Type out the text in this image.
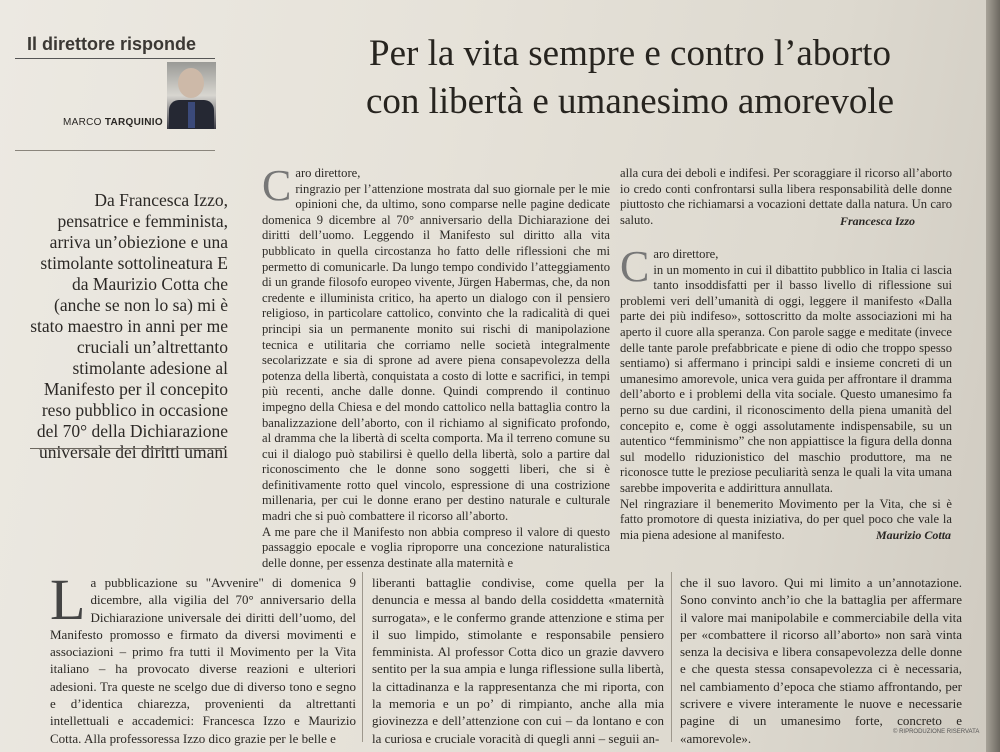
Il direttore risponde
MARCO TARQUINIO
Per la vita sempre e contro l’aborto
con libertà e umanesimo amorevole
Da Francesca Izzo, pensatrice e femminista, arriva un’obiezione e una stimolante sottolineatura E da Maurizio Cotta che (anche se non lo sa) mi è stato maestro in anni per me cruciali un’altrettanto stimolante adesione al Manifesto per il concepito reso pubblico in occasione del 70° della Dichiarazione universale dei diritti umani

Caro direttore,
ringrazio per l’attenzione mostrata dal suo giornale per le mie opinioni che, da ultimo, sono comparse nelle pagine dedicate domenica 9 dicembre al 70° anniversario della Dichiarazione dei diritti dell’uomo. Leggendo il Manifesto sul diritto alla vita pubblicato in quella circostanza ho fatto delle riflessioni che mi permetto di comunicarle. Da lungo tempo condivido l’atteggiamento di un grande filosofo europeo vivente, Jürgen Habermas, che, da non credente e illuminista critico, ha aperto un dialogo con il pensiero religioso, in particolare cattolico, convinto che la radicalità di quei principi sia un permanente monito sui rischi di manipolazione tecnica e utilitaria che corriamo nelle società integralmente secolarizzate e sia di sprone ad avere piena consapevolezza della potenza della libertà, conquistata a costo di lotte e sacrifici, in tempi più recenti, anche dalle donne. Quindi comprendo il continuo impegno della Chiesa e del mondo cattolico nella battaglia contro la banalizzazione dell’aborto, con il richiamo al significato profondo, al dramma che la libertà di scelta comporta. Ma il terreno comune su cui il dialogo può stabilirsi è quello della libertà, solo a partire dal riconoscimento che le donne sono soggetti liberi, che si è definitivamente rotto quel vincolo, espressione di una costrizione millenaria, per cui le donne erano per destino naturale e culturale madri che si può combattere il ricorso all’aborto.

A me pare che il Manifesto non abbia compreso il valore di questo passaggio epocale e voglia riproporre una concezione naturalistica delle donne, per essenza destinate alla maternità e

alla cura dei deboli e indifesi. Per scoraggiare il ricorso all’aborto io credo conti confrontarsi sulla libera responsabilità delle donne piuttosto che richiamarsi a vocazioni dettate dalla natura. Un caro saluto.	Francesca Izzo

Caro direttore,
in un momento in cui il dibattito pubblico in Italia ci lascia tanto insoddisfatti per il basso livello di riflessione sui problemi veri dell’umanità di oggi, leggere il manifesto «Dalla parte dei più indifeso», sottoscritto da molte associazioni mi ha aperto il cuore alla speranza. Con parole sagge e meditate (invece delle tante parole prefabbricate e piene di odio che troppo spesso sentiamo) si affermano i principi saldi e insieme concreti di un umanesimo amorevole, unica vera guida per affrontare il dramma dell’aborto e i problemi della vita sociale. Questo umanesimo fa perno su due cardini, il riconoscimento della piena umanità del concepito e, come è oggi assolutamente indispensabile, su un autentico “femminismo” che non appiattisce la figura della donna sul modello riduzionistico del maschio produttore, ma ne riconosce tutte le preziose peculiarità senza le quali la vita umana sarebbe impoverita e addirittura annullata.

Nel ringraziare il benemerito Movimento per la Vita, che si è fatto promotore di questa iniziativa, do per quel poco che vale la mia piena adesione al manifesto.	Maurizio Cotta
La pubblicazione su "Avvenire" di domenica 9 dicembre, alla vigilia del 70° anniversario della Dichiarazione universale dei diritti dell’uomo, del Manifesto promosso e firmato da diversi movimenti e associazioni – primo fra tutti il Movimento per la Vita italiano – ha provocato diverse reazioni e ulteriori adesioni. Tra queste ne scelgo due di diverso tono e segno e d’identica chiarezza, provenienti da altrettanti intellettuali e accademici: Francesca Izzo e Maurizio Cotta. Alla professoressa Izzo dico grazie per le belle e
liberanti battaglie condivise, come quella per la denuncia e messa al bando della cosiddetta «maternità surrogata», e le confermo grande attenzione e stima per il suo limpido, stimolante e responsabile pensiero femminista. Al professor Cotta dico un grazie davvero sentito per la sua ampia e lunga riflessione sulla libertà, la cittadinanza e la rappresentanza che mi riporta, con la memoria e un po’ di rimpianto, anche alla mia giovinezza e dell’attenzione con cui – da lontano e con la curiosa e cruciale voracità di quegli anni – seguii an-
che il suo lavoro. Qui mi limito a un’annotazione. Sono convinto anch’io che la battaglia per affermare il valore mai manipolabile e commerciabile della vita per «combattere il ricorso all’aborto» non sarà vinta senza la decisiva e libera consapevolezza delle donne e che questa stessa consapevolezza ci è necessaria, nel cambiamento d’epoca che stiamo affrontando, per scrivere e vivere interamente le nuove e necessarie pagine di un umanesimo forte, concreto e «amorevole».	© RIPRODUZIONE RISERVATA
